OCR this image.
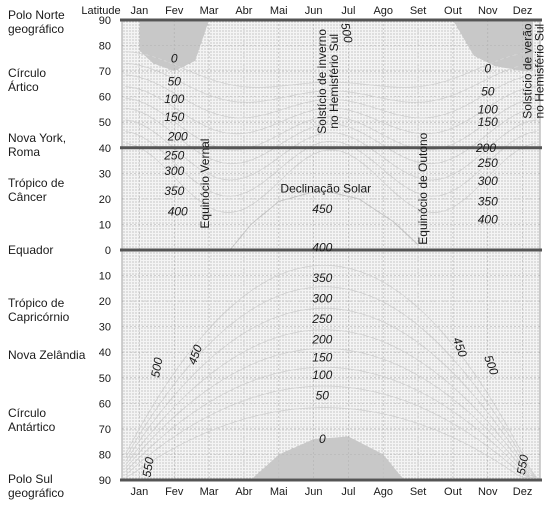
Latitude Jan Fev Mar Abr Mai Jun Jul Ago Set Out Nov Dez
Jan Fev Mar Abr Mai Jun Jul Ago Set Out Nov Dez
90
80
70
60
50
40
30
20
10
0
10
20
30
40
50
60
70
80
90
Polo Norte geográfico
Círculo Ártico
Nova York, Roma
Trópico de Câncer
Equador
Trópico de Capricórnio
Nova Zelândia
Círculo Antártico
Polo Sul geográfico
0
50
100
150
200
250
300
350
400
0
50
100
150
200
250
300
350
400
500
450
400
350
300
250
200
150
100
50
0
450
500
550
450
500
550
Solstício de invernono Hemisfério Sul	Solstício de verãono Hemisfério Sul
Equinócio Vernal	Equinócio de Outono
Declinação Solar
